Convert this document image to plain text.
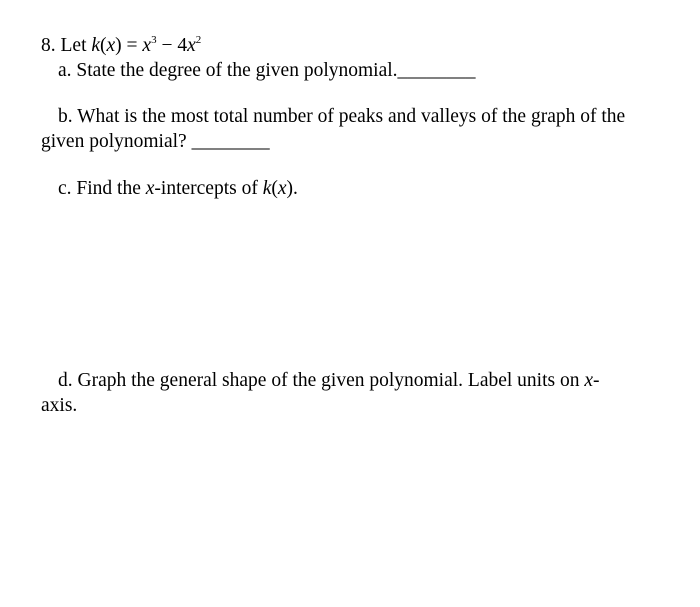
8. Let $k(x) = x^3 - 4x^2$
a. State the degree of the given polynomial.________
b. What is the most total number of peaks and valleys of the graph of the
given polynomial? ________
c. Find the x-intercepts of k(x).
d. Graph the general shape of the given polynomial. Label units on x-
axis.
